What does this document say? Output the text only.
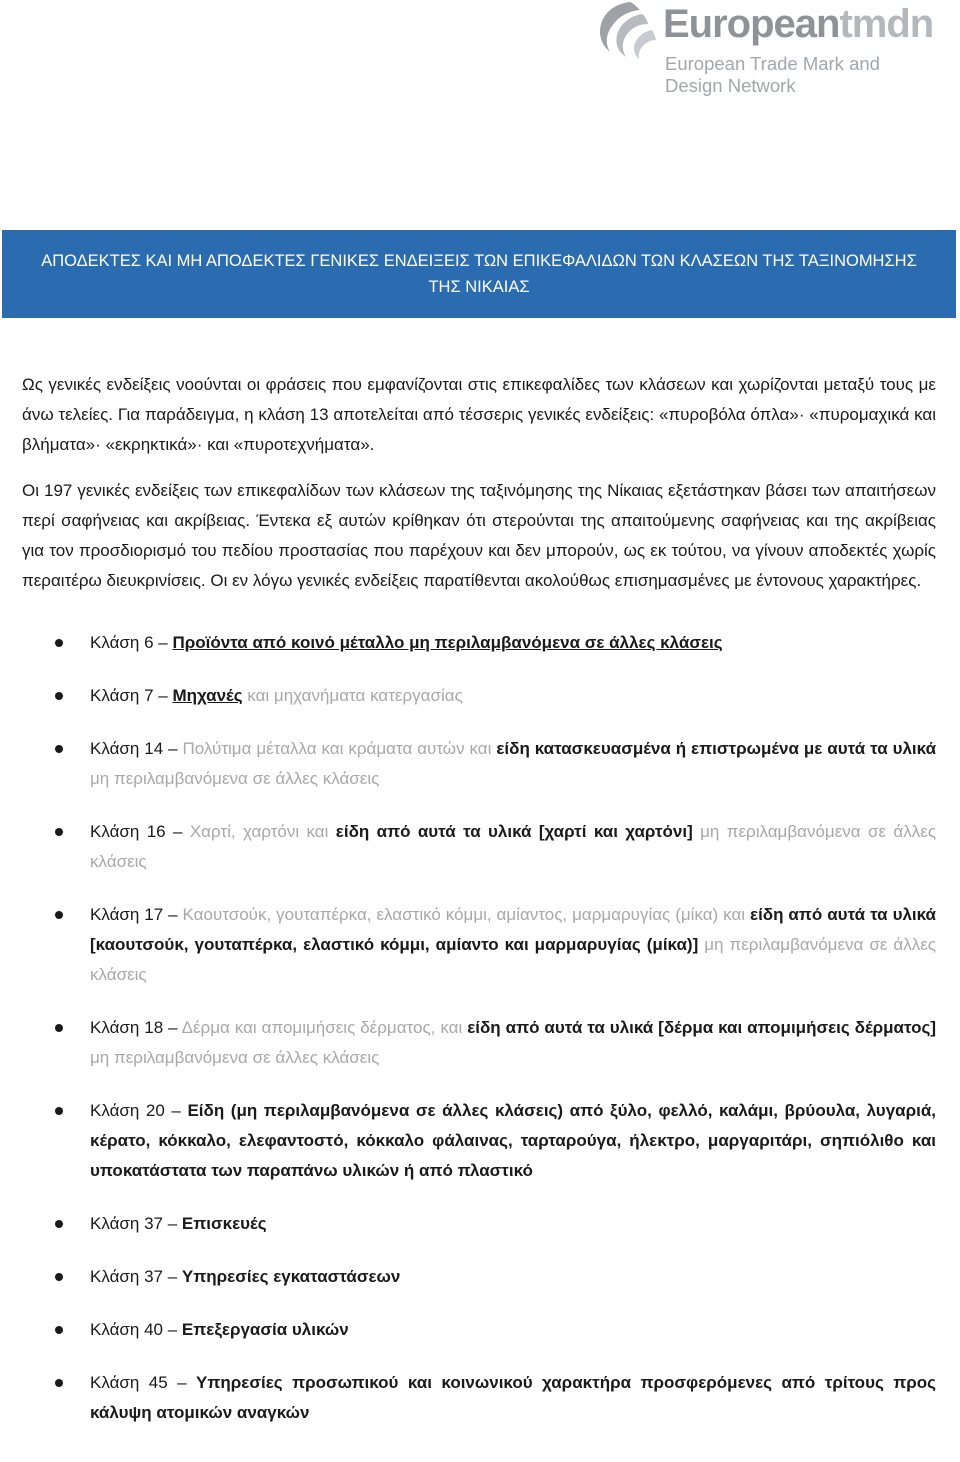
Europeantmdn
European Trade Mark and
Design Network
ΑΠΟΔΕΚΤΕΣ ΚΑΙ ΜΗ ΑΠΟΔΕΚΤΕΣ ΓΕΝΙΚΕΣ ΕΝΔΕΙΞΕΙΣ ΤΩΝ ΕΠΙΚΕΦΑΛΙΔΩΝ ΤΩΝ ΚΛΑΣΕΩΝ ΤΗΣ ΤΑΞΙΝΟΜΗΣΗΣ
ΤΗΣ ΝΙΚΑΙΑΣ

Ως γενικές ενδείξεις νοούνται οι φράσεις που εμφανίζονται στις επικεφαλίδες των κλάσεων και χωρίζονται μεταξύ τους με άνω τελείες. Για παράδειγμα, η κλάση 13 αποτελείται από τέσσερις γενικές ενδείξεις: «πυροβόλα όπλα»· «πυρομαχικά και βλήματα»· «εκρηκτικά»· και «πυροτεχνήματα».

Οι 197 γενικές ενδείξεις των επικεφαλίδων των κλάσεων της ταξινόμησης της Νίκαιας εξετάστηκαν βάσει των απαιτήσεων περί σαφήνειας και ακρίβειας. Έντεκα εξ αυτών κρίθηκαν ότι στερούνται της απαιτούμενης σαφήνειας και της ακρίβειας για τον προσδιορισμό του πεδίου προστασίας που παρέχουν και δεν μπορούν, ως εκ τούτου, να γίνουν αποδεκτές χωρίς περαιτέρω διευκρινίσεις. Οι εν λόγω γενικές ενδείξεις παρατίθενται ακολούθως επισημασμένες με έντονους χαρακτήρες.

Κλάση 6 – Προϊόντα από κοινό μέταλλο μη περιλαμβανόμενα σε άλλες κλάσεις
Κλάση 7 – Μηχανές και μηχανήματα κατεργασίας
Κλάση 14 – Πολύτιμα μέταλλα και κράματα αυτών και είδη κατασκευασμένα ή επιστρωμένα με αυτά τα υλικά μη περιλαμβανόμενα σε άλλες κλάσεις
Κλάση 16 – Χαρτί, χαρτόνι και είδη από αυτά τα υλικά [χαρτί και χαρτόνι] μη περιλαμβανόμενα σε άλλες κλάσεις
Κλάση 17 – Καουτσούκ, γουταπέρκα, ελαστικό κόμμι, αμίαντος, μαρμαρυγίας (μίκα) και είδη από αυτά τα υλικά [καουτσούκ, γουταπέρκα, ελαστικό κόμμι, αμίαντο και μαρμαρυγίας (μίκα)] μη περιλαμβανόμενα σε άλλες κλάσεις
Κλάση 18 – Δέρμα και απομιμήσεις δέρματος, και είδη από αυτά τα υλικά [δέρμα και απομιμήσεις δέρματος] μη περιλαμβανόμενα σε άλλες κλάσεις
Κλάση 20 – Είδη (μη περιλαμβανόμενα σε άλλες κλάσεις) από ξύλο, φελλό, καλάμι, βρύουλα, λυγαριά, κέρατο, κόκκαλο, ελεφαντοστό, κόκκαλο φάλαινας, ταρταρούγα, ήλεκτρο, μαργαριτάρι, σηπιόλιθο και υποκατάστατα των παραπάνω υλικών ή από πλαστικό
Κλάση 37 – Επισκευές
Κλάση 37 – Υπηρεσίες εγκαταστάσεων
Κλάση 40 – Επεξεργασία υλικών
Κλάση 45 – Υπηρεσίες προσωπικού και κοινωνικού χαρακτήρα προσφερόμενες από τρίτους προς κάλυψη ατομικών αναγκών
